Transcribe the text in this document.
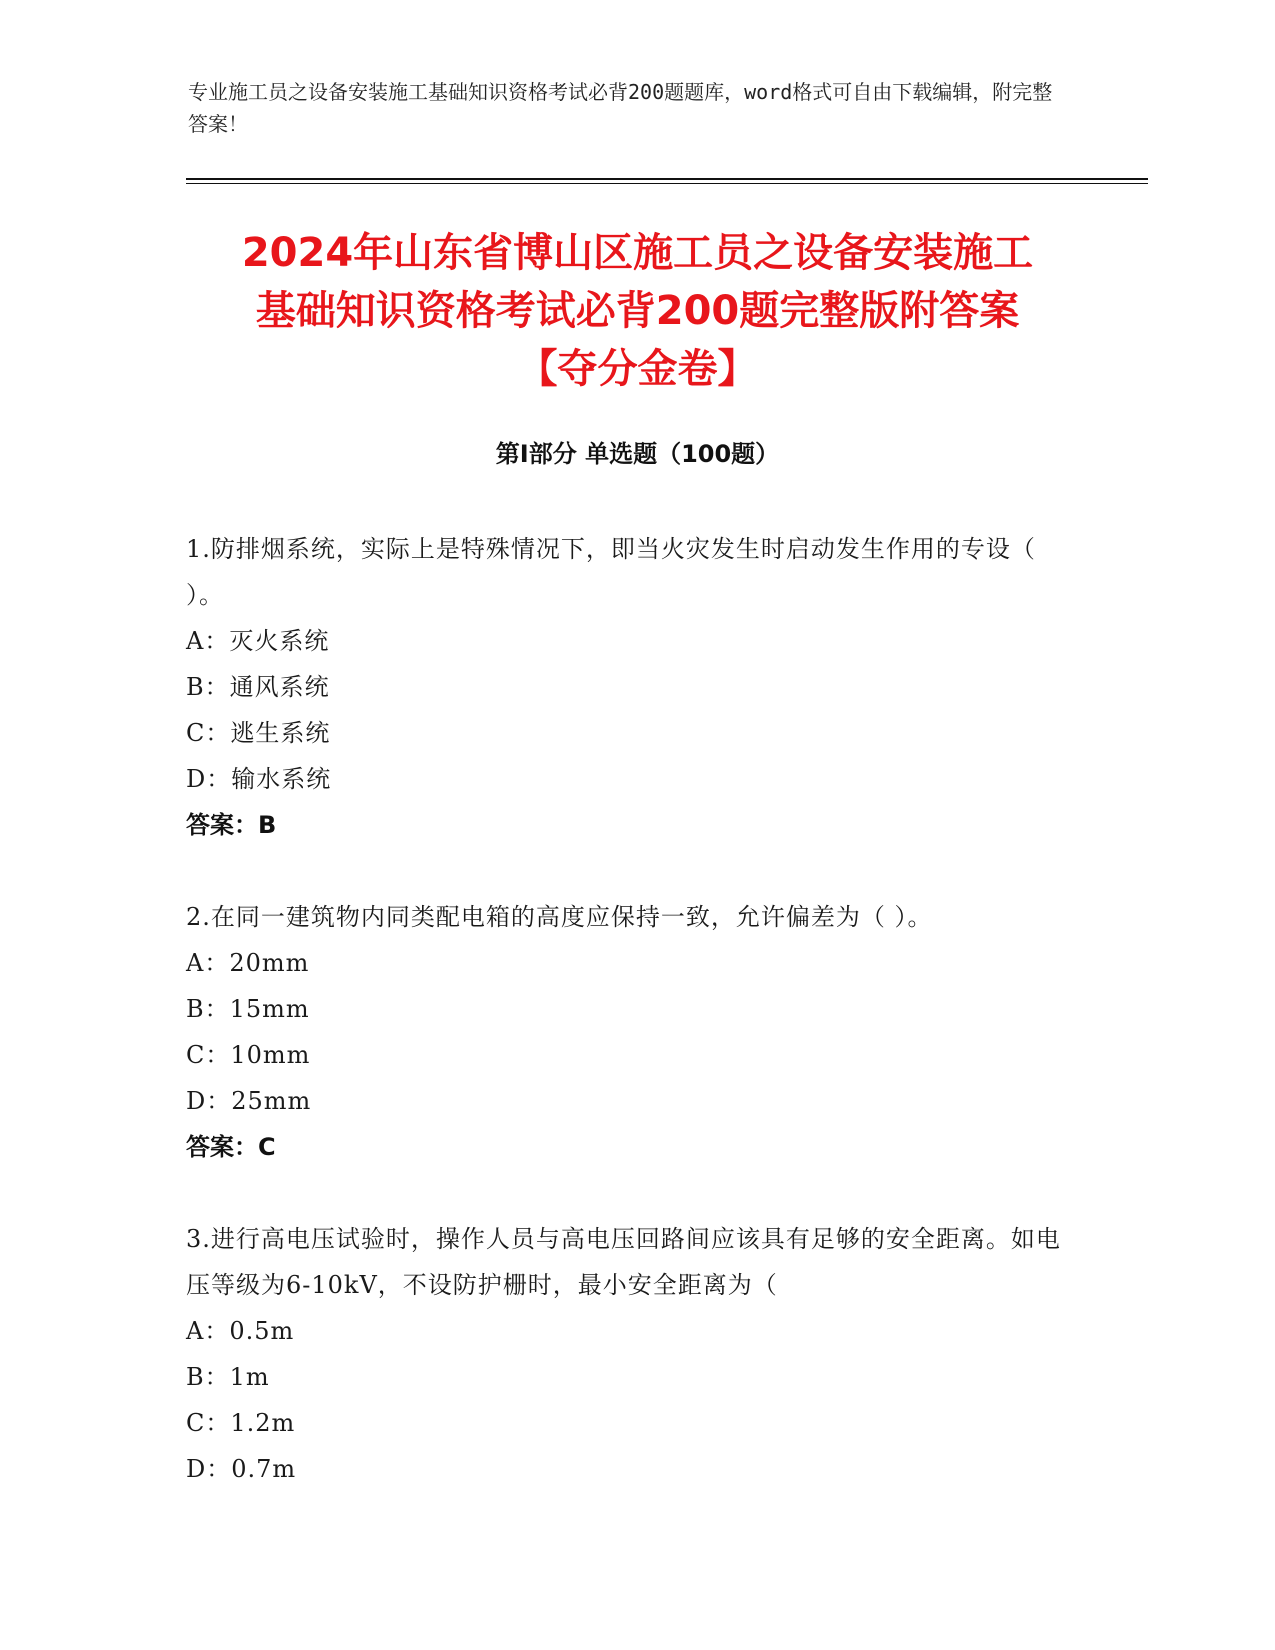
专业施工员之设备安装施工基础知识资格考试必背200题题库，word格式可自由下载编辑，附完整答案！
2024年山东省博山区施工员之设备安装施工
基础知识资格考试必背200题完整版附答案
【夺分金卷】
第Ⅰ部分 单选题（100题）
1.防排烟系统，实际上是特殊情况下，即当火灾发生时启动发生作用的专设（ ）。
A：灭火系统
B：通风系统
C：逃生系统
D：输水系统
答案：B
2.在同一建筑物内同类配电箱的高度应保持一致，允许偏差为（ ）。
A：20mm
B：15mm
C：10mm
D：25mm
答案：C
3.进行高电压试验时，操作人员与高电压回路间应该具有足够的安全距离。如电压等级为6-10kV，不设防护栅时，最小安全距离为（
A：0.5m
B：1m
C：1.2m
D：0.7m
